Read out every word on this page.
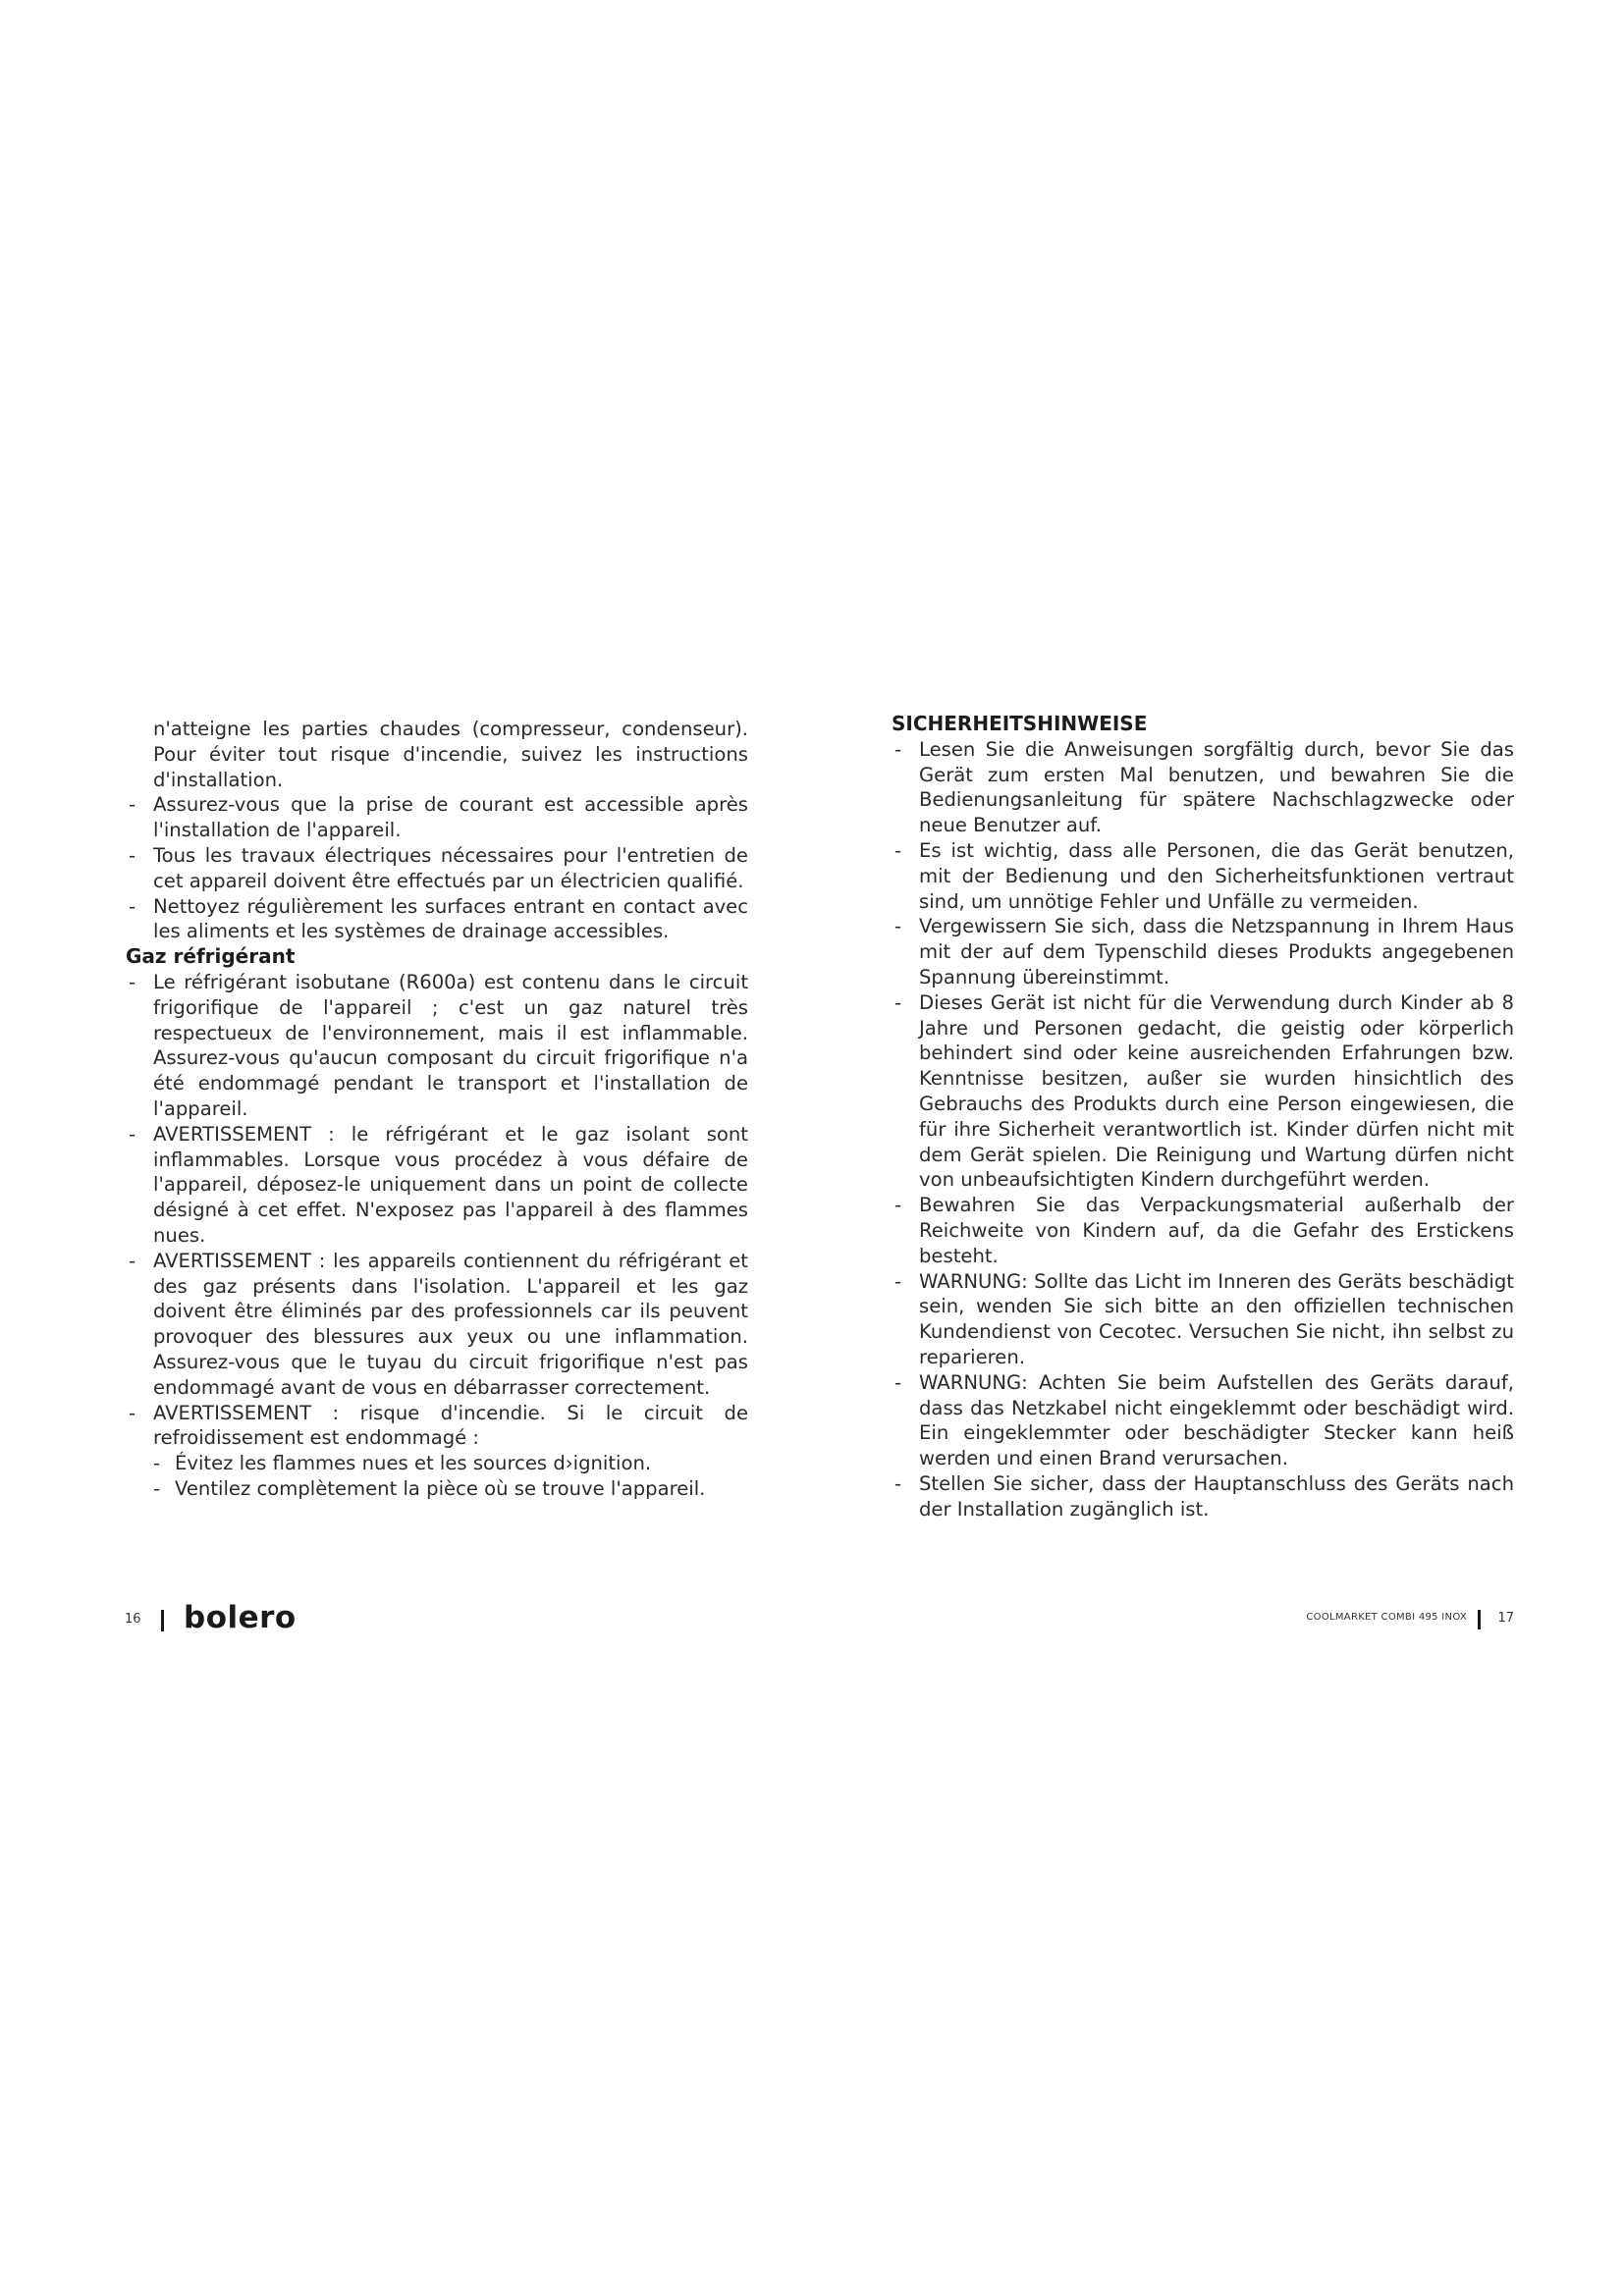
n'atteigne les parties chaudes (compresseur, condenseur). Pour éviter tout risque d'incendie, suivez les instructions d'installation.

- Assurez-vous que la prise de courant est accessible après l'installation de l'appareil.

- Tous les travaux électriques nécessaires pour l'entretien de cet appareil doivent être effectués par un électricien qualifié.

- Nettoyez régulièrement les surfaces entrant en contact avec les aliments et les systèmes de drainage accessibles.

Gaz réfrigérant

- Le réfrigérant isobutane (R600a) est contenu dans le circuit frigorifique de l'appareil ; c'est un gaz naturel très respectueux de l'environnement, mais il est inflammable. Assurez-vous qu'aucun composant du circuit frigorifique n'a été endommagé pendant le transport et l'installation de l'appareil.

- AVERTISSEMENT : le réfrigérant et le gaz isolant sont inflammables. Lorsque vous procédez à vous défaire de l'appareil, déposez-le uniquement dans un point de collecte désigné à cet effet. N'exposez pas l'appareil à des flammes nues.

- AVERTISSEMENT : les appareils contiennent du réfrigérant et des gaz présents dans l'isolation. L'appareil et les gaz doivent être éliminés par des professionnels car ils peuvent provoquer des blessures aux yeux ou une inflammation. Assurez-vous que le tuyau du circuit frigorifique n'est pas endommagé avant de vous en débarrasser correctement.

- AVERTISSEMENT : risque d'incendie. Si le circuit de refroidissement est endommagé :

- Évitez les flammes nues et les sources d›ignition.

- Ventilez complètement la pièce où se trouve l'appareil.

SICHERHEITSHINWEISE

- Lesen Sie die Anweisungen sorgfältig durch, bevor Sie das Gerät zum ersten Mal benutzen, und bewahren Sie die Bedienungsanleitung für spätere Nachschlagzwecke oder neue Benutzer auf.

- Es ist wichtig, dass alle Personen, die das Gerät benutzen, mit der Bedienung und den Sicherheitsfunktionen vertraut sind, um unnötige Fehler und Unfälle zu vermeiden.

- Vergewissern Sie sich, dass die Netzspannung in Ihrem Haus mit der auf dem Typenschild dieses Produkts angegebenen Spannung übereinstimmt.

- Dieses Gerät ist nicht für die Verwendung durch Kinder ab 8 Jahre und Personen gedacht, die geistig oder körperlich behindert sind oder keine ausreichenden Erfahrungen bzw. Kenntnisse besitzen, außer sie wurden hinsichtlich des Gebrauchs des Produkts durch eine Person eingewiesen, die für ihre Sicherheit verantwortlich ist. Kinder dürfen nicht mit dem Gerät spielen. Die Reinigung und Wartung dürfen nicht von unbeaufsichtigten Kindern durchgeführt werden.

- Bewahren Sie das Verpackungsmaterial außerhalb der Reichweite von Kindern auf, da die Gefahr des Erstickens besteht.

- WARNUNG: Sollte das Licht im Inneren des Geräts beschädigt sein, wenden Sie sich bitte an den offiziellen technischen Kundendienst von Cecotec. Versuchen Sie nicht, ihn selbst zu reparieren.

- WARNUNG: Achten Sie beim Aufstellen des Geräts darauf, dass das Netzkabel nicht eingeklemmt oder beschädigt wird. Ein eingeklemmter oder beschädigter Stecker kann heiß werden und einen Brand verursachen.

- Stellen Sie sicher, dass der Hauptanschluss des Geräts nach der Installation zugänglich ist.

16 bolero	COOLMARKET COMBI 495 INOX 17
